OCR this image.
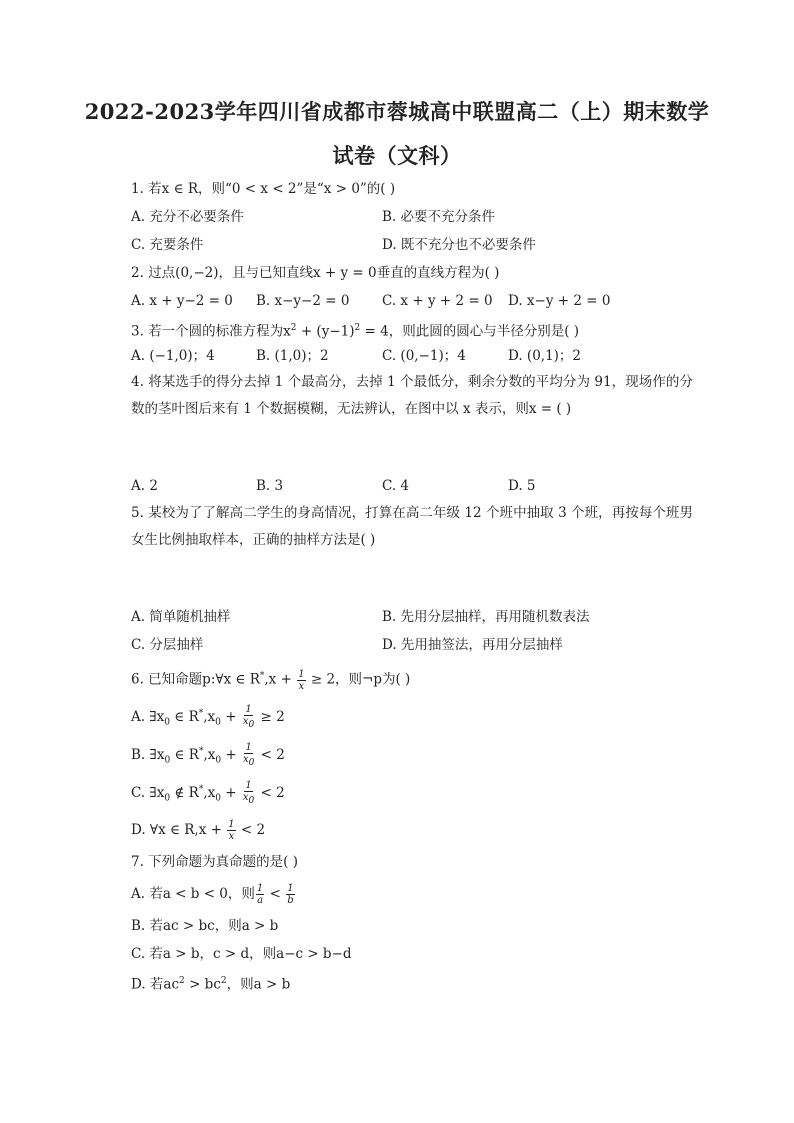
2022-2023学年四川省成都市蓉城高中联盟高二（上）期末数学
试卷（文科）
1. 若x ∈ R，则“0 < x < 2”是“x > 0”的( )
A. 充分不必要条件	B. 必要不充分条件
C. 充要条件	D. 既不充分也不必要条件
2. 过点(0,−2)，且与已知直线x + y = 0垂直的直线方程为( )
A. x + y−2 = 0 B. x−y−2 = 0 C. x + y + 2 = 0 D. x−y + 2 = 0
3. 若一个圆的标准方程为$x^2 + (y-1)^2 = 4$，则此圆的圆心与半径分别是( )
A. (−1,0)；4	B. (1,0)；2	C. (0,−1)；4	D. (0,1)；2
4. 将某选手的得分去掉 1 个最高分，去掉 1 个最低分，剩余分数的平均分为 91，现场作的分数的茎叶图后来有 1 个数据模糊，无法辨认，在图中以 x 表示，则x = ( )
A. 2	B. 3	C. 4	D. 5
5. 某校为了了解高二学生的身高情况，打算在高二年级 12 个班中抽取 3 个班，再按每个班男女生比例抽取样本，正确的抽样方法是( )
A. 简单随机抽样	B. 先用分层抽样，再用随机数表法
C. 分层抽样	D. 先用抽签法，再用分层抽样
6. 已知命题p:∀x ∈ $R^*,x + \frac{1}{x} \ge 2$，则¬p为( )
A. $\exists x_0$ ∈ $R^*,x_0 + \frac{1}{x_0} \ge 2$
B. $\exists x_0$ ∈ $R^*,x_0 + \frac{1}{x_0} < 2$
C. $\exists x_0$ ∉ $R^*,x_0 + \frac{1}{x_0} < 2$
D. ∀x ∈ $R,x + \frac{1}{x} < 2$
7. 下列命题为真命题的是( )
A. 若a < b < 0，则 $\frac{1}{a} < \frac{1}{b}$
B. 若ac > bc，则a > b
C. 若a > b，c > d，则a−c > b−d
D. 若$ac^2 > bc^2$，则a > b
